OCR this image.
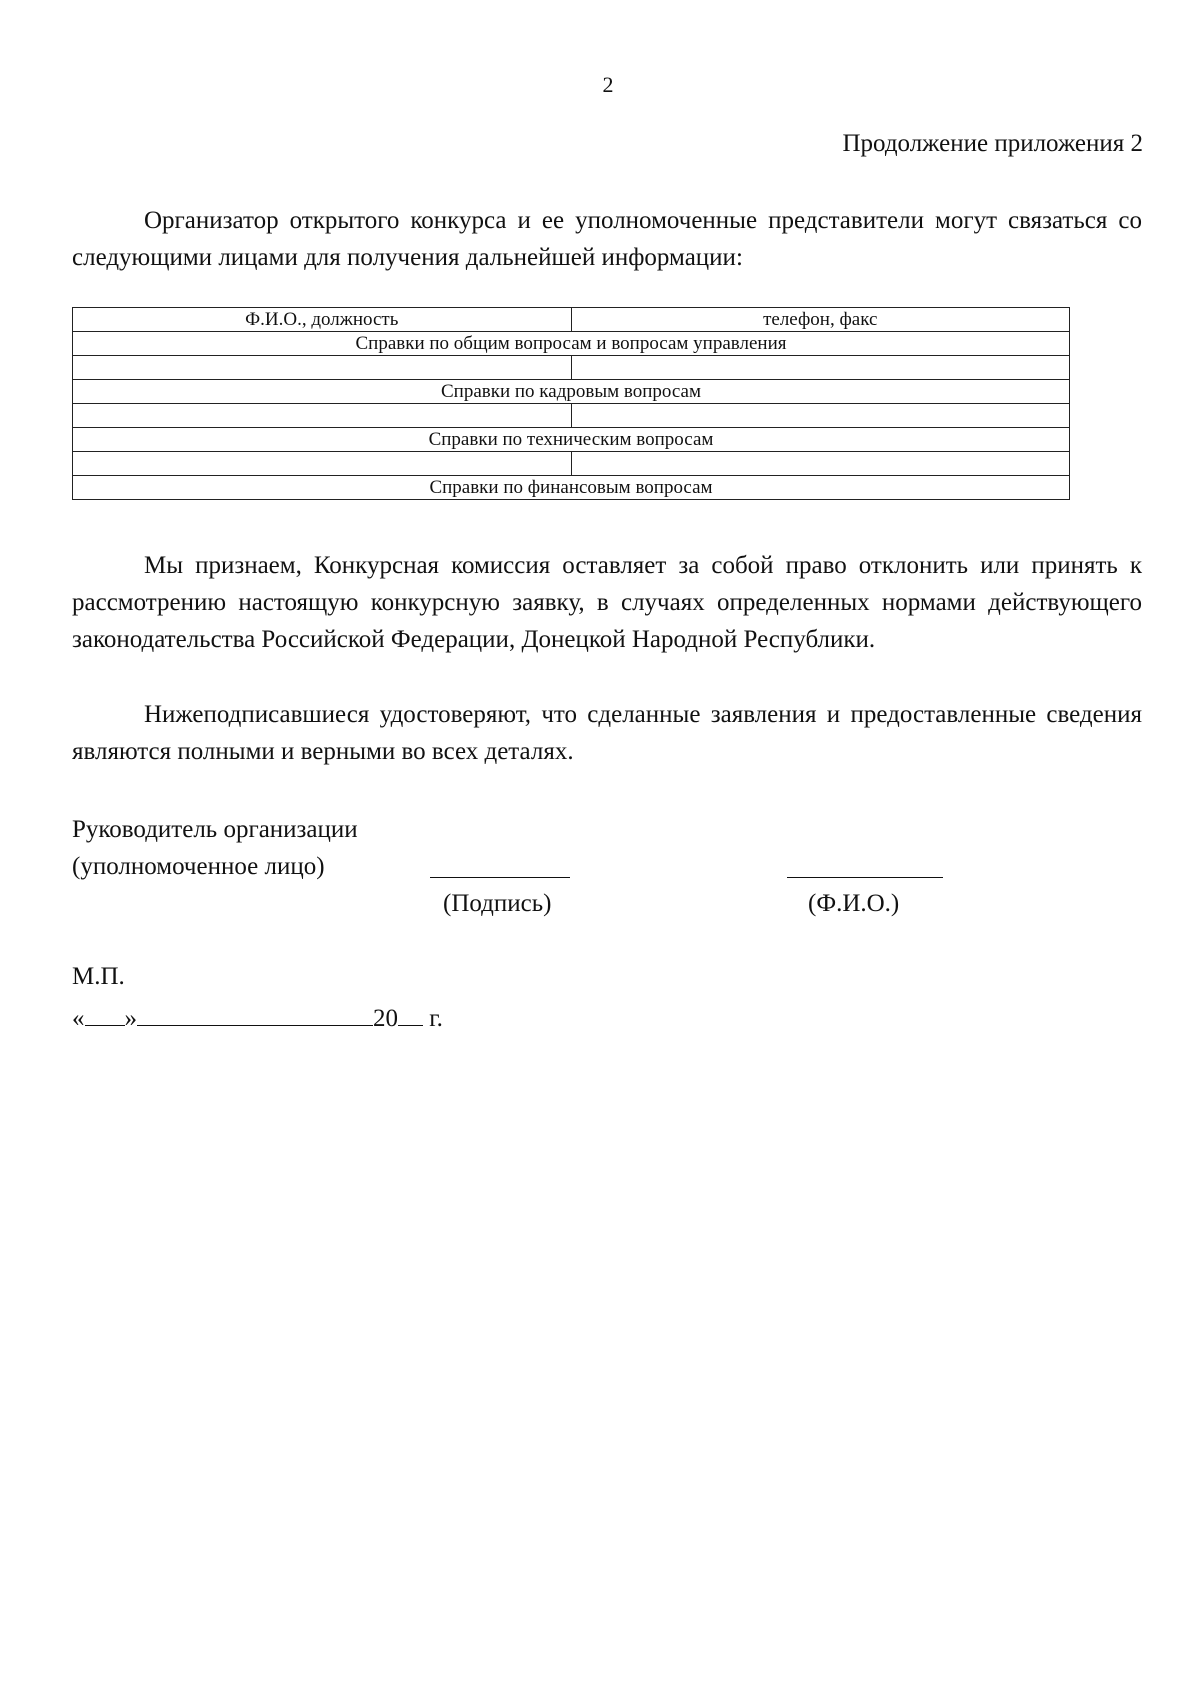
2
Продолжение приложения 2

Организатор открытого конкурса и ее уполномоченные представители могут связаться со следующими лицами для получения дальнейшей информации:

Ф.И.О., должность	телефон, факс
Справки по общим вопросам и вопросам управления	

Справки по кадровым вопросам	

Справки по техническим вопросам	

Справки по финансовым вопросам	

Мы признаем, Конкурсная комиссия оставляет за собой право отклонить или принять к рассмотрению настоящую конкурсную заявку, в случаях определенных нормами действующего законодательства Российской Федерации, Донецкой Народной Республики.

Нижеподписавшиеся удостоверяют, что сделанные заявления и предоставленные сведения являются полными и верными во всех деталях.

Руководитель организации
(уполномоченное лицо)
(Подпись)	(Ф.И.О.)
М.П.
« »	20 г.
